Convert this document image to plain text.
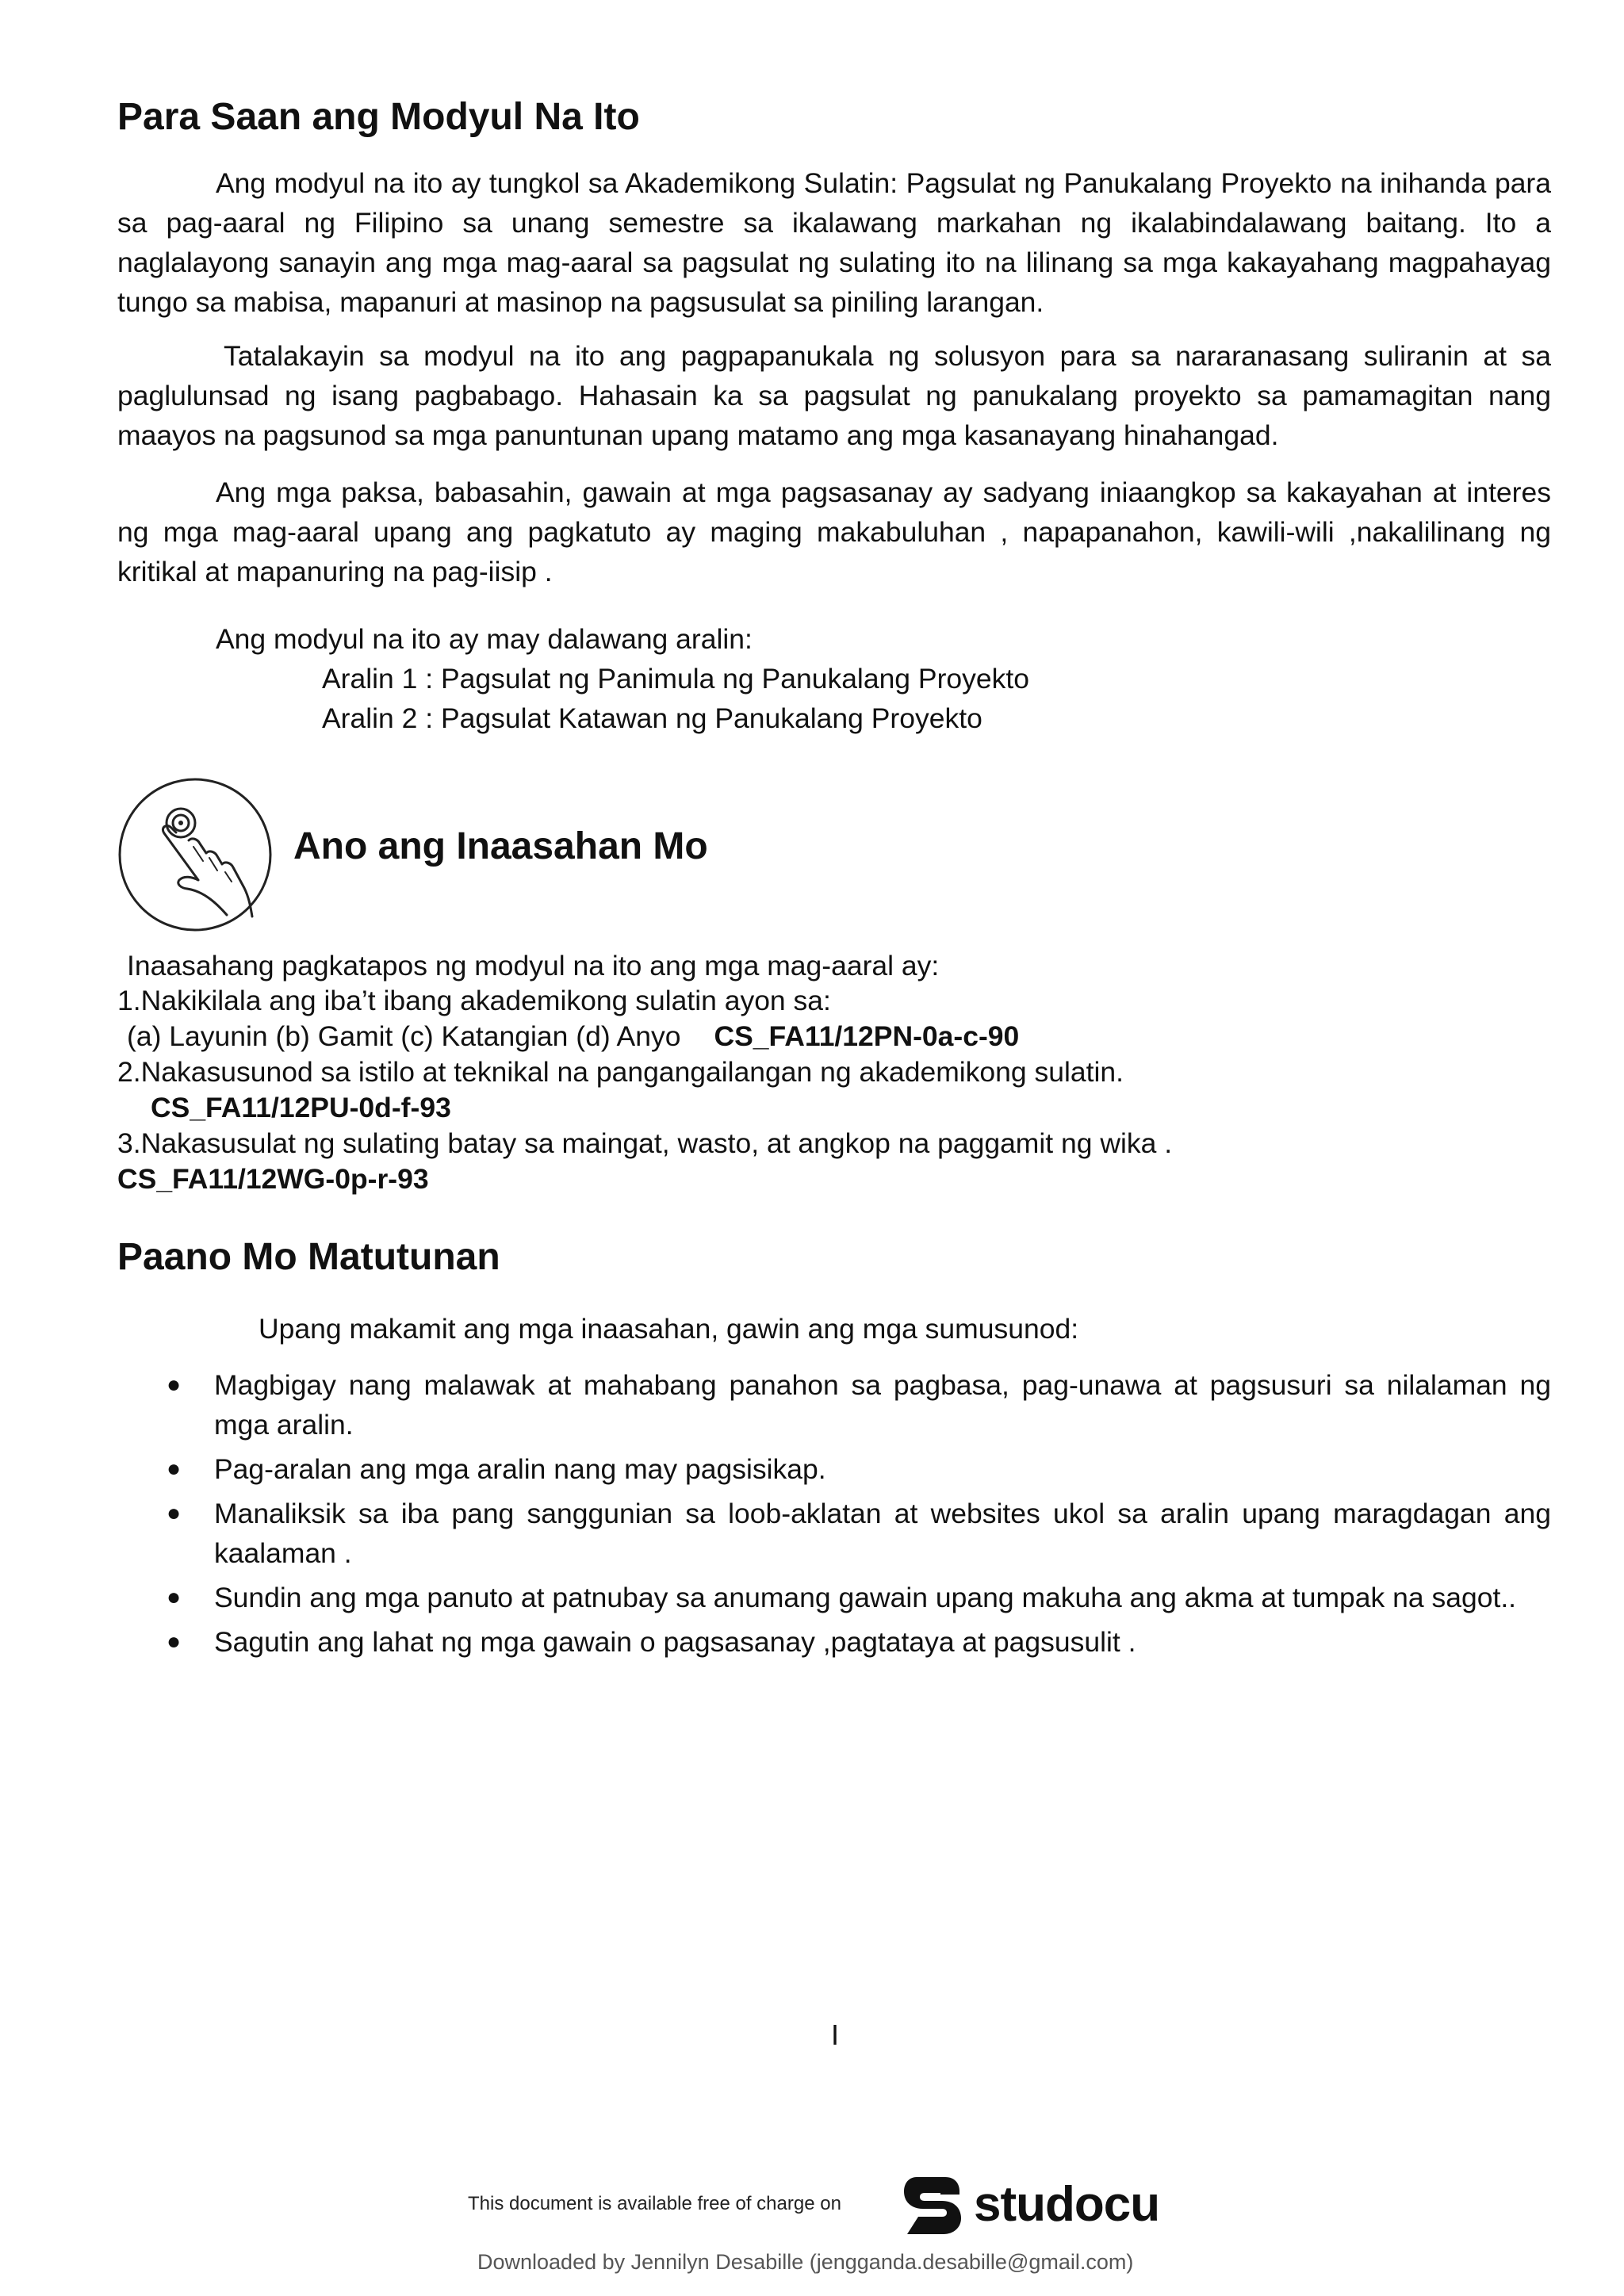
Para Saan ang Modyul Na Ito

Ang modyul na ito ay tungkol sa Akademikong Sulatin: Pagsulat ng Panukalang Proyekto na inihanda para sa pag-aaral ng Filipino sa unang semestre sa ikalawang markahan ng ikalabindalawang baitang. Ito a naglalayong sanayin ang mga mag-aaral sa pagsulat ng sulating ito na lilinang sa mga kakayahang magpahayag tungo sa mabisa, mapanuri at masinop na pagsusulat sa piniling larangan.

Tatalakayin sa modyul na ito ang pagpapanukala ng solusyon para sa nararanasang suliranin at sa paglulunsad ng isang pagbabago. Hahasain ka sa pagsulat ng panukalang proyekto sa pamamagitan nang maayos na pagsunod sa mga panuntunan upang matamo ang mga kasanayang hinahangad.

Ang mga paksa, babasahin, gawain at mga pagsasanay ay sadyang iniaangkop sa kakayahan at interes ng mga mag-aaral upang ang pagkatuto ay maging makabuluhan , napapanahon, kawili-wili ,nakalilinang ng kritikal at mapanuring na pag-iisip .

Ang modyul na ito ay may dalawang aralin:

Aralin 1 : Pagsulat ng Panimula ng Panukalang Proyekto

Aralin 2 : Pagsulat Katawan ng Panukalang Proyekto

Ano ang Inaasahan Mo

Inaasahang pagkatapos ng modyul na ito ang mga mag-aaral ay:

1.Nakikilala ang iba’t ibang akademikong sulatin ayon sa:

(a) Layunin (b) Gamit (c) Katangian (d) Anyo CS_FA11/12PN-0a-c-90

2.Nakasusunod sa istilo at teknikal na pangangailangan ng akademikong sulatin.

CS_FA11/12PU-0d-f-93

3.Nakasusulat ng sulating batay sa maingat, wasto, at angkop na paggamit ng wika .

CS_FA11/12WG-0p-r-93

Paano Mo Matutunan

Upang makamit ang mga inaasahan, gawin ang mga sumusunod:

● Magbigay nang malawak at mahabang panahon sa pagbasa, pag-unawa at pagsusuri sa nilalaman ng mga aralin.
● Pag-aralan ang mga aralin nang may pagsisikap.
● Manaliksik sa iba pang sanggunian sa loob-aklatan at websites ukol sa aralin upang maragdagan ang kaalaman .
● Sundin ang mga panuto at patnubay sa anumang gawain upang makuha ang akma at tumpak na sagot..
● Sagutin ang lahat ng mga gawain o pagsasanay ,pagtataya at pagsusulit .
I
This document is available free of charge on	studocu
Downloaded by Jennilyn Desabille (jengganda.desabille@gmail.com)
